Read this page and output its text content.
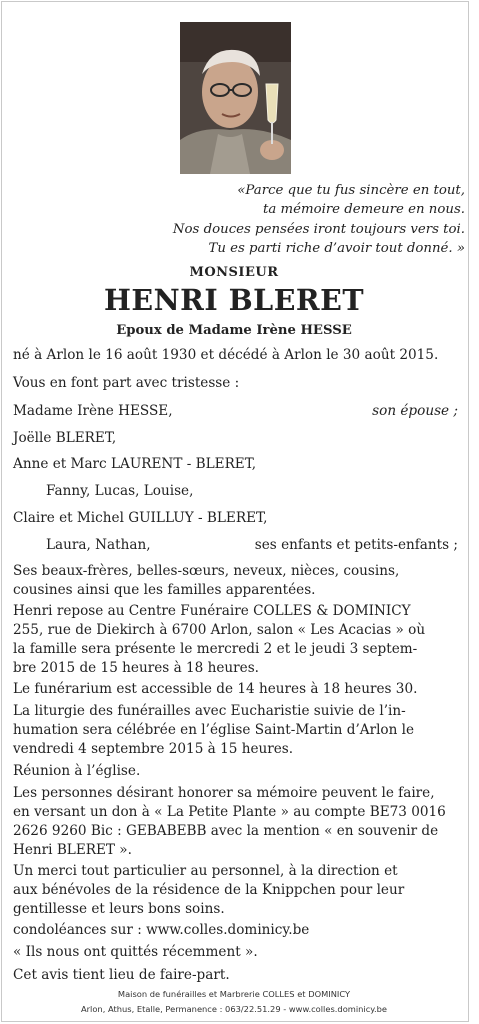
«Parce que tu fus sincère en tout,
ta mémoire demeure en nous.
Nos douces pensées iront toujours vers toi.
Tu es parti riche d’avoir tout donné. »
MONSIEUR
HENRI BLERET
Epoux de Madame Irène HESSE
né à Arlon le 16 août 1930 et décédé à Arlon le 30 août 2015.
Vous en font part avec tristesse :
Madame Irène HESSE,	son épouse ;
Joëlle BLERET,
Anne et Marc LAURENT - BLERET,
Fanny, Lucas, Louise,
Claire et Michel GUILLUY - BLERET,
Laura, Nathan,	ses enfants et petits-enfants ;
Ses beaux-frères, belles-sœurs, neveux, nièces, cousins,
cousines ainsi que les familles apparentées.
Henri repose au Centre Funéraire COLLES & DOMINICY
255, rue de Diekirch à 6700 Arlon, salon « Les Acacias » où
la famille sera présente le mercredi 2 et le jeudi 3 septem-
bre 2015 de 15 heures à 18 heures.
Le funérarium est accessible de 14 heures à 18 heures 30.
La liturgie des funérailles avec Eucharistie suivie de l’in-
humation sera célébrée en l’église Saint-Martin d’Arlon le
vendredi 4 septembre 2015 à 15 heures.
Réunion à l’église.
Les personnes désirant honorer sa mémoire peuvent le faire,
en versant un don à « La Petite Plante » au compte BE73 0016
2626 9260 Bic : GEBABEBB avec la mention « en souvenir de
Henri BLERET ».
Un merci tout particulier au personnel, à la direction et
aux bénévoles de la résidence de la Knippchen pour leur
gentillesse et leurs bons soins.
condoléances sur : www.colles.dominicy.be
« Ils nous ont quittés récemment ».
Cet avis tient lieu de faire-part.
Maison de funérailles et Marbrerie COLLES et DOMINICY
Arlon, Athus, Etalle, Permanence : 063/22.51.29 - www.colles.dominicy.be
